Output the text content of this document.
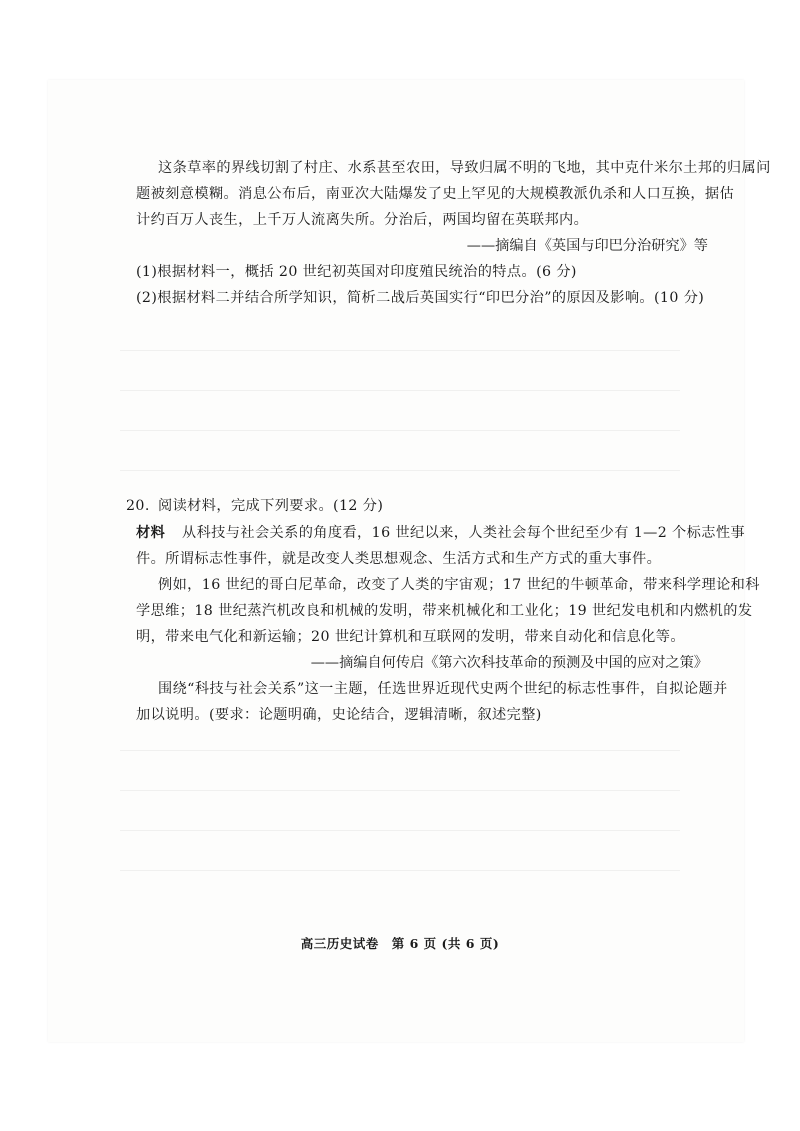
这条草率的界线切割了村庄、水系甚至农田，导致归属不明的飞地，其中克什米尔土邦的归属问
题被刻意模糊。消息公布后，南亚次大陆爆发了史上罕见的大规模教派仇杀和人口互换，据估
计约百万人丧生，上千万人流离失所。分治后，两国均留在英联邦内。
——摘编自《英国与印巴分治研究》等
(1)根据材料一，概括 20 世纪初英国对印度殖民统治的特点。(6 分)
(2)根据材料二并结合所学知识，简析二战后英国实行“印巴分治”的原因及影响。(10 分)
20. 阅读材料，完成下列要求。(12 分)
材料 从科技与社会关系的角度看，16 世纪以来，人类社会每个世纪至少有 1—2 个标志性事
件。所谓标志性事件，就是改变人类思想观念、生活方式和生产方式的重大事件。
例如，16 世纪的哥白尼革命，改变了人类的宇宙观；17 世纪的牛顿革命，带来科学理论和科
学思维；18 世纪蒸汽机改良和机械的发明，带来机械化和工业化；19 世纪发电机和内燃机的发
明，带来电气化和新运输；20 世纪计算机和互联网的发明，带来自动化和信息化等。
——摘编自何传启《第六次科技革命的预测及中国的应对之策》
围绕“科技与社会关系”这一主题，任选世界近现代史两个世纪的标志性事件，自拟论题并
加以说明。(要求：论题明确，史论结合，逻辑清晰，叙述完整)
高三历史试卷　第 6 页 (共 6 页)
